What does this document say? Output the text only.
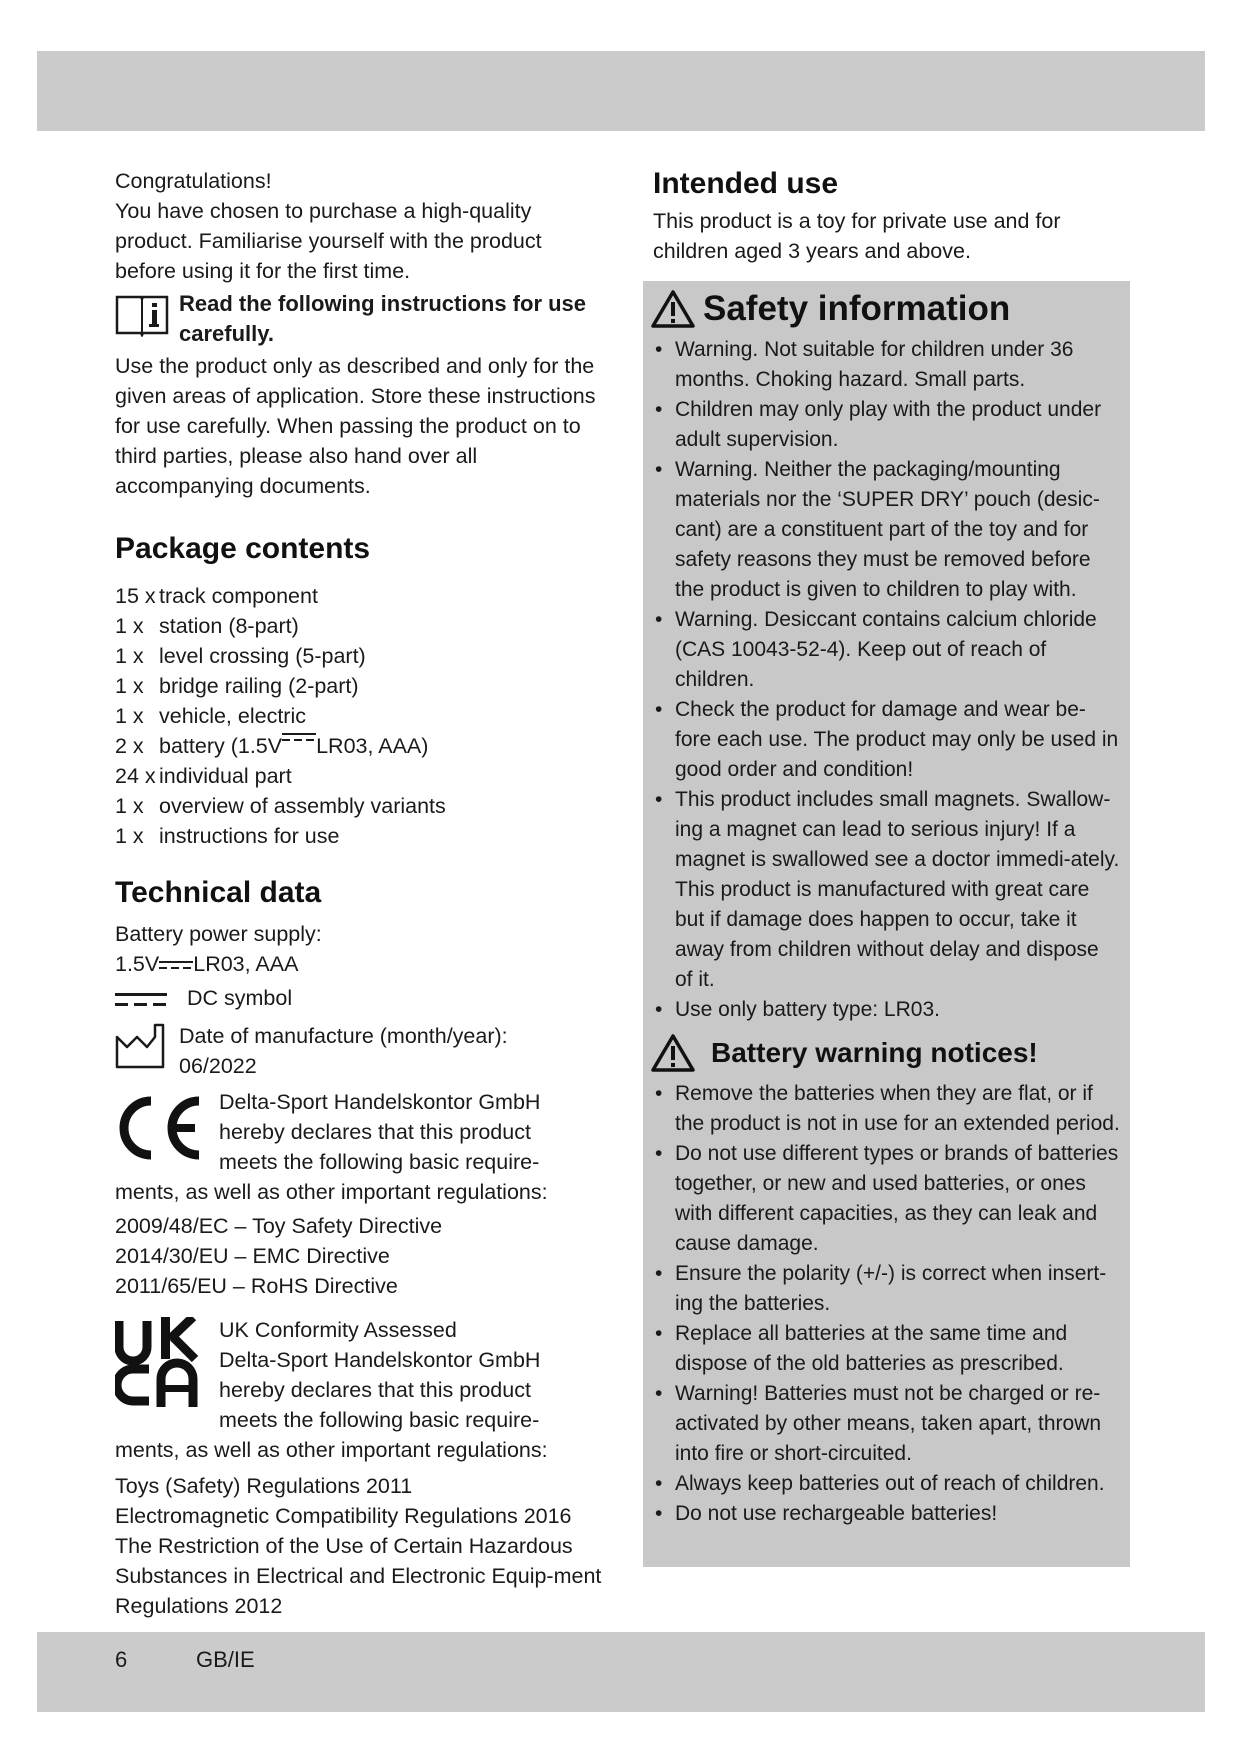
Congratulations!

You have chosen to purchase a high-quality product. Familiarise yourself with the product before using it for the first time.

Read the following instructions for use carefully.

Use the product only as described and only for the given areas of application. Store these instructions for use carefully. When passing the product on to third parties, please also hand over all accompanying documents.

Package contents
15 x track component
1 x station (8-part)
1 x level crossing (5-part)
1 x bridge railing (2-part)
1 x vehicle, electric
2 x battery (1.5V LR03, AAA)
24 x individual part
1 x overview of assembly variants
1 x instructions for use
Technical data

Battery power supply:

1.5V LR03, AAA

DC symbol
Date of manufacture (month/year):
06/2022
Delta-Sport Handelskontor GmbH
hereby declares that this product
meets the following basic require-

ments, as well as other important regulations:

2009/48/EC – Toy Safety Directive

2014/30/EU – EMC Directive

2011/65/EU – RoHS Directive

UK Conformity Assessed
Delta-Sport Handelskontor GmbH
hereby declares that this product
meets the following basic require-

ments, as well as other important regulations:

Toys (Safety) Regulations 2011

Electromagnetic Compatibility Regulations 2016

The Restriction of the Use of Certain Hazardous Substances in Electrical and Electronic Equip-ment Regulations 2012

Intended use

This product is a toy for private use and for children aged 3 years and above.

Safety information
• Warning. Not suitable for children under 36 months. Choking hazard. Small parts.
• Children may only play with the product under adult supervision.
• Warning. Neither the packaging/mounting materials nor the ‘SUPER DRY’ pouch (desic-cant) are a constituent part of the toy and for safety reasons they must be removed before the product is given to children to play with.
• Warning. Desiccant contains calcium chloride (CAS 10043-52-4). Keep out of reach of children.
• Check the product for damage and wear be-fore each use. The product may only be used in good order and condition!
• This product includes small magnets. Swallow-ing a magnet can lead to serious injury! If a magnet is swallowed see a doctor immedi-ately. This product is manufactured with great care but if damage does happen to occur, take it away from children without delay and dispose of it.
• Use only battery type: LR03.
Battery warning notices!
• Remove the batteries when they are flat, or if the product is not in use for an extended period.
• Do not use different types or brands of batteries together, or new and used batteries, or ones with different capacities, as they can leak and cause damage.
• Ensure the polarity (+/-) is correct when insert-ing the batteries.
• Replace all batteries at the same time and dispose of the old batteries as prescribed.
• Warning! Batteries must not be charged or re-activated by other means, taken apart, thrown into fire or short-circuited.
• Always keep batteries out of reach of children.
• Do not use rechargeable batteries!
6	GB/IE
